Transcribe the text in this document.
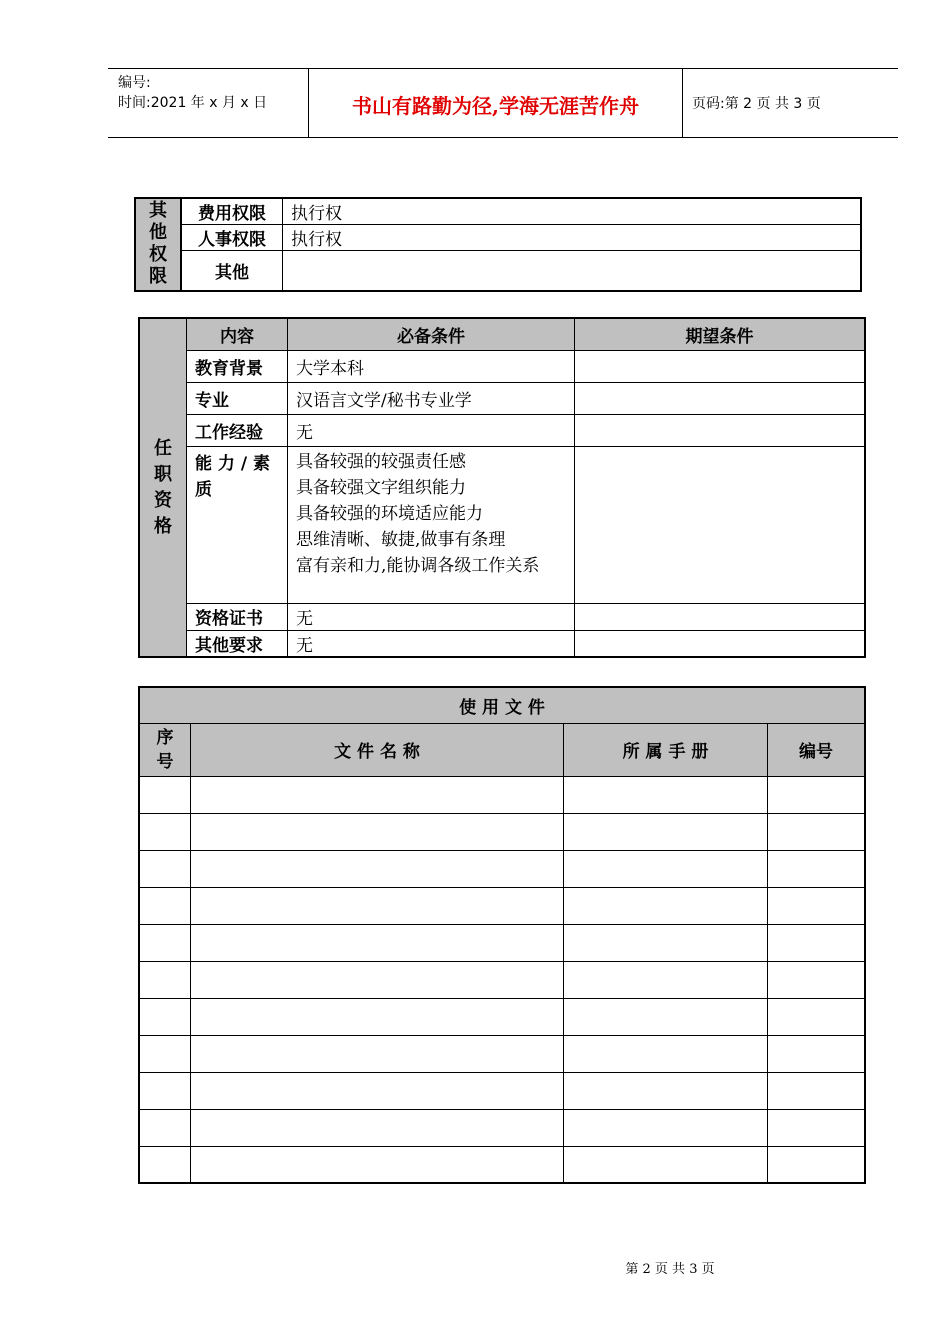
编号:
时间:2021 年 x 月 x 日	书山有路勤为径,学海无涯苦作舟	页码:第 2 页 共 3 页
其他权限	费用权限	执行权
	人事权限	执行权
	其他	
任职资格	内容	必备条件	期望条件
	教育背景	大学本科	
	专业	汉语言文学/秘书专业学	
	工作经验	无	
	能 力 / 素 质	具备较强的较强责任感
具备较强文字组织能力
具备较强的环境适应能力
思维清晰、敏捷,做事有条理
富有亲和力,能协调各级工作关系	

	资格证书	无	
	其他要求	无	
使 用 文 件			

序号	文 件 名 称	所 属 手 册	编号

第 2 页 共 3 页
